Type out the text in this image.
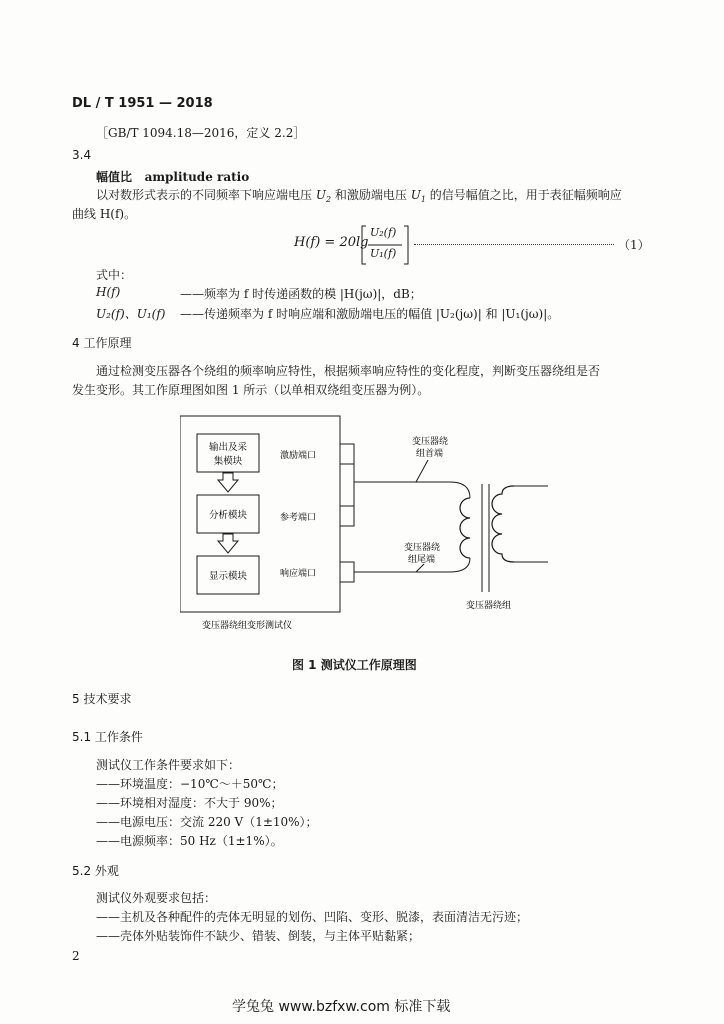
DL / T 1951 — 2018
［GB/T 1094.18—2016，定义 2.2］
3.4
幅值比 amplitude ratio
以对数形式表示的不同频率下响应端电压 $U_2$ 和激励端电压 $U_1$ 的信号幅值之比，用于表征幅频响应
曲线 H(f)。
H(f) = 20lg
U₂(f)
U₁(f)
（1）
式中：
H(f)	——频率为 f 时传递函数的模 |H(jω)|，dB；
U₂(f)、U₁(f) ——传递频率为 f 时响应端和激励端电压的幅值 |U₂(jω)| 和 |U₁(jω)|。
4 工作原理
通过检测变压器各个绕组的频率响应特性，根据频率响应特性的变化程度，判断变压器绕组是否
发生变形。其工作原理图如图 1 所示（以单相双绕组变压器为例）。
输出及采
集模块
分析模块
显示模块
激励端口
参考端口
响应端口
变压器绕
组首端
变压器绕
组尾端
变压器绕组
变压器绕组变形测试仪
图 1 测试仪工作原理图
5 技术要求
5.1 工作条件
测试仪工作条件要求如下：
——环境温度：−10℃～＋50℃；
——环境相对湿度：不大于 90%；
——电源电压：交流 220 V（1±10%）；
——电源频率：50 Hz（1±1%）。
5.2 外观
测试仪外观要求包括：
——主机及各种配件的壳体无明显的划伤、凹陷、变形、脱漆，表面清洁无污迹；
——壳体外贴装饰件不缺少、错装、倒装，与主体平贴黏紧；
2
学兔兔 www.bzfxw.com 标准下载
